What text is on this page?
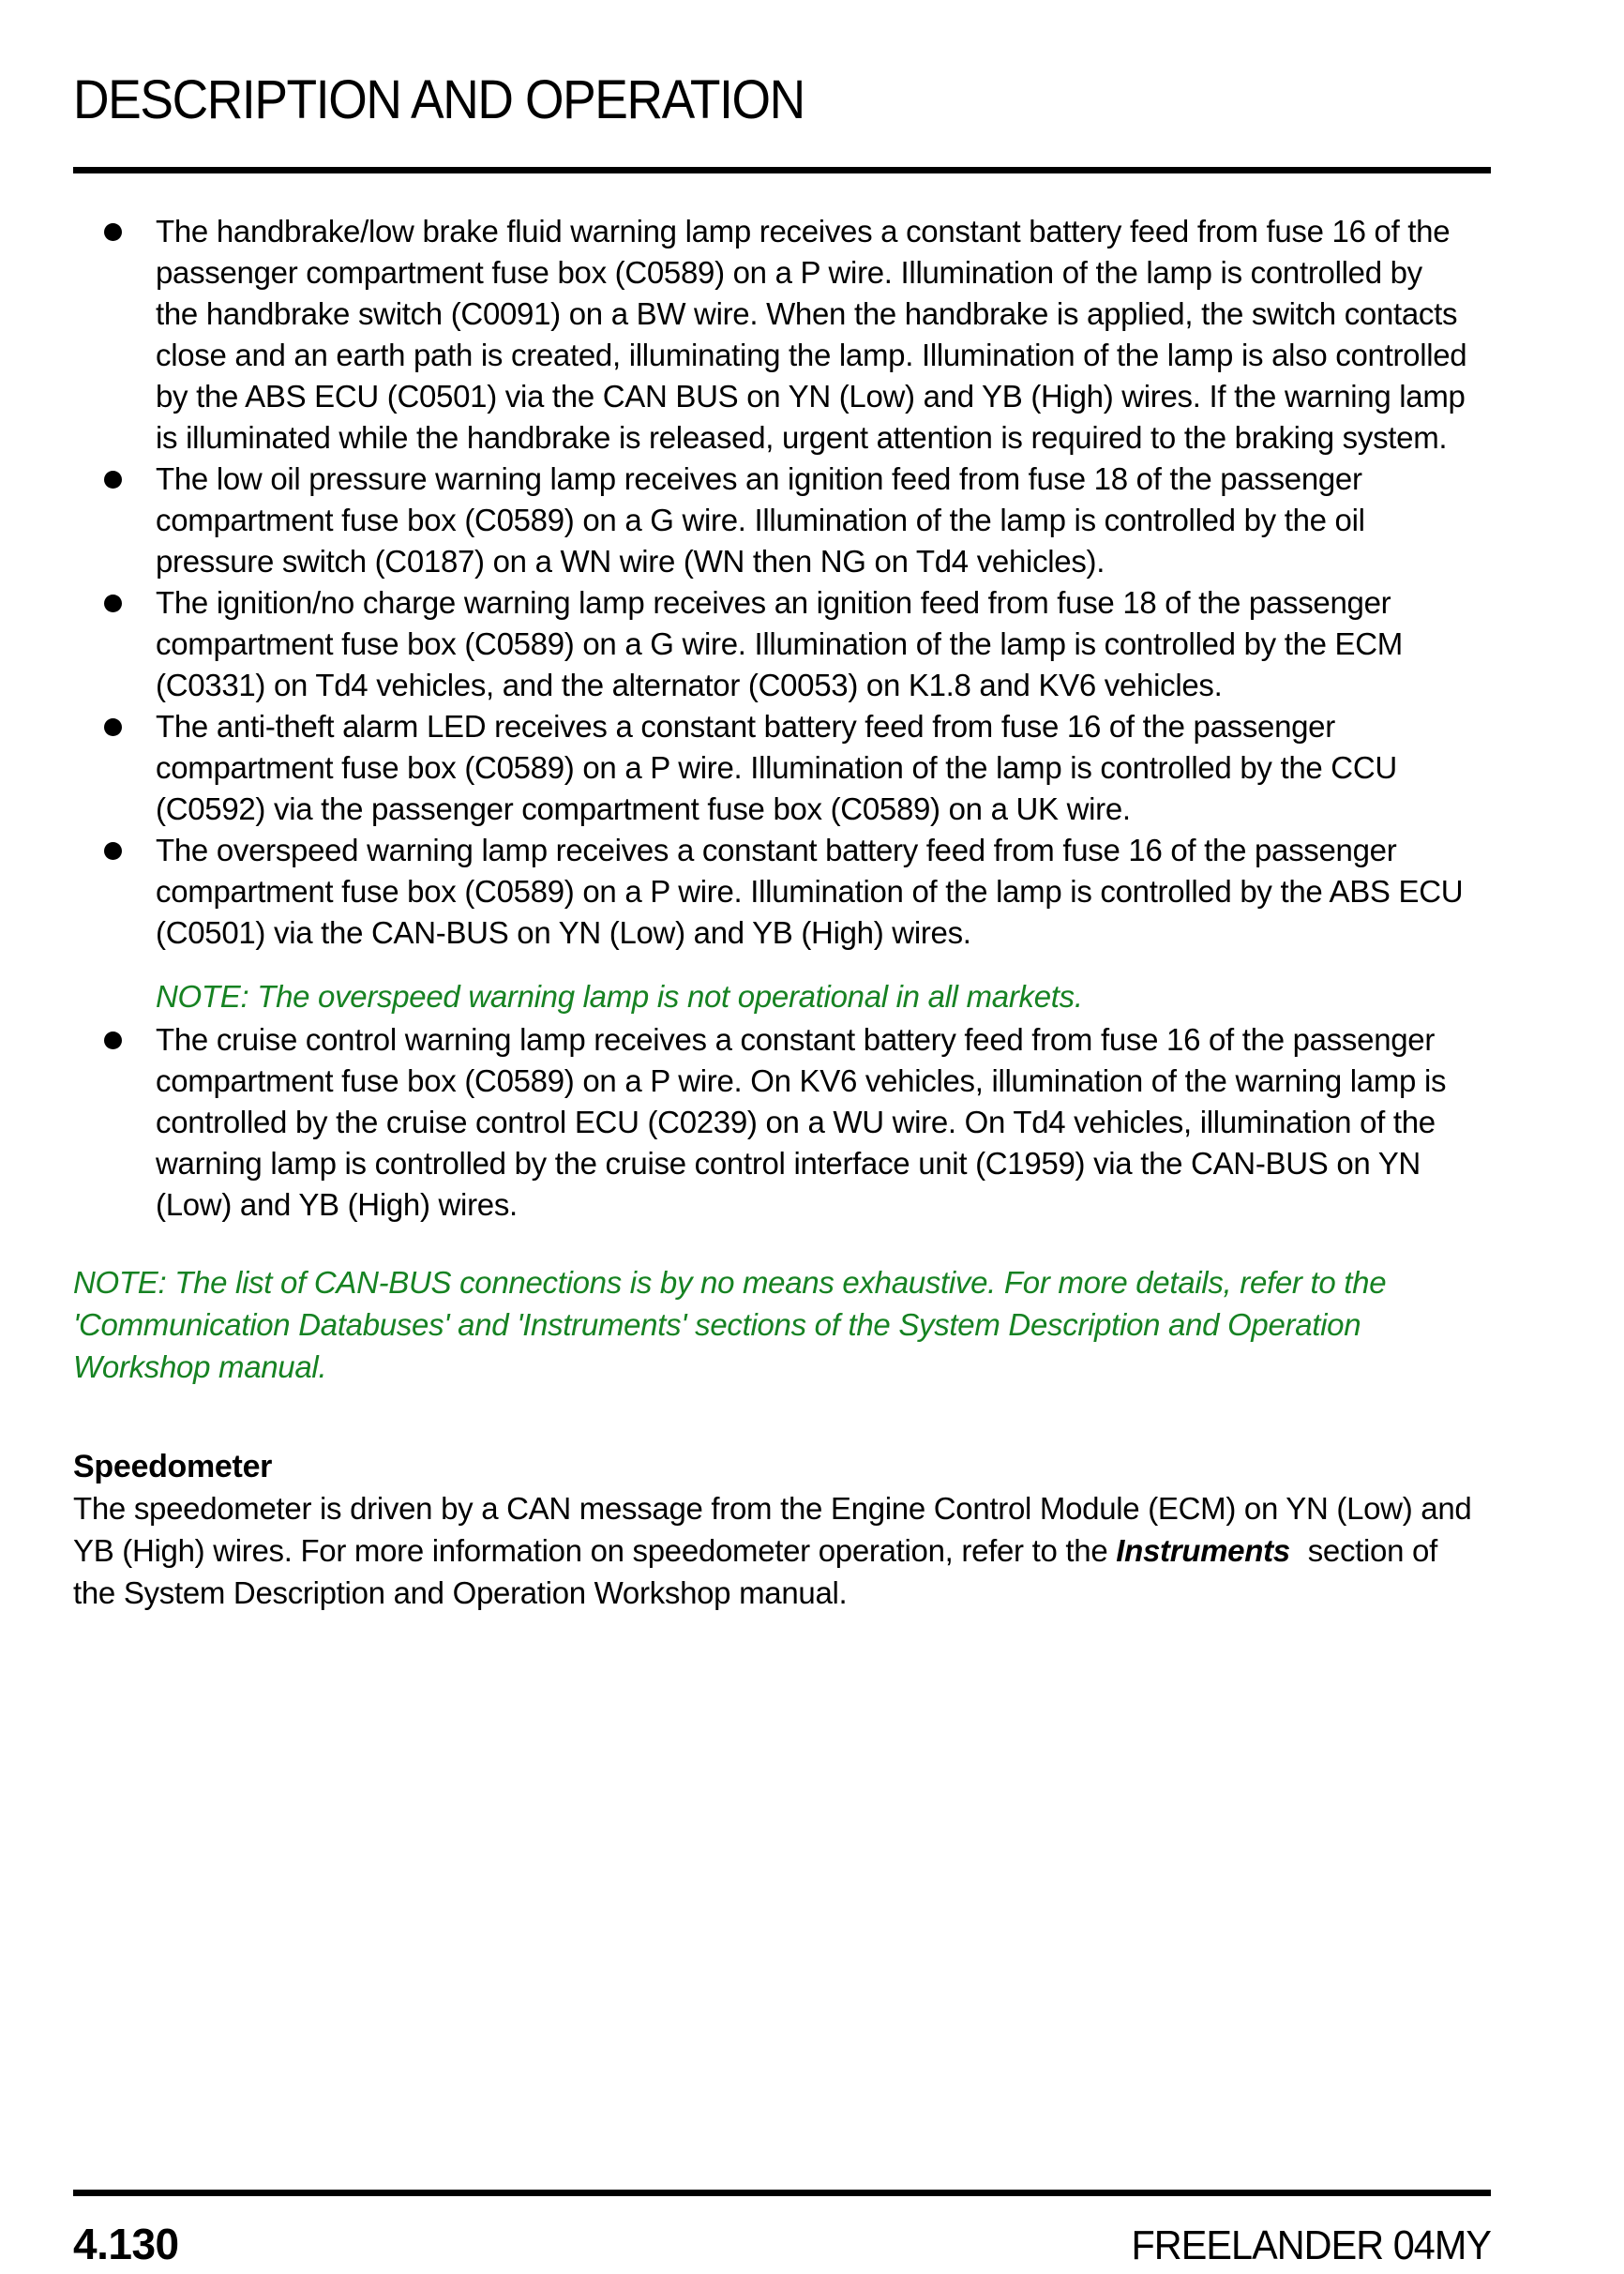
DESCRIPTION AND OPERATION
The handbrake/low brake fluid warning lamp receives a constant battery feed from fuse 16 of the passenger compartment fuse box (C0589) on a P wire. Illumination of the lamp is controlled by the handbrake switch (C0091) on a BW wire. When the handbrake is applied, the switch contacts close and an earth path is created, illuminating the lamp. Illumination of the lamp is also controlled by the ABS ECU (C0501) via the CAN BUS on YN (Low) and YB (High) wires. If the warning lamp is illuminated while the handbrake is released, urgent attention is required to the braking system.
The low oil pressure warning lamp receives an ignition feed from fuse 18 of the passenger compartment fuse box (C0589) on a G wire. Illumination of the lamp is controlled by the oil pressure switch (C0187) on a WN wire (WN then NG on Td4 vehicles).
The ignition/no charge warning lamp receives an ignition feed from fuse 18 of the passenger compartment fuse box (C0589) on a G wire. Illumination of the lamp is controlled by the ECM (C0331) on Td4 vehicles, and the alternator (C0053) on K1.8 and KV6 vehicles.
The anti-theft alarm LED receives a constant battery feed from fuse 16 of the passenger compartment fuse box (C0589) on a P wire. Illumination of the lamp is controlled by the CCU (C0592) via the passenger compartment fuse box (C0589) on a UK wire.
The overspeed warning lamp receives a constant battery feed from fuse 16 of the passenger compartment fuse box (C0589) on a P wire. Illumination of the lamp is controlled by the ABS ECU (C0501) via the CAN-BUS on YN (Low) and YB (High) wires.
NOTE: The overspeed warning lamp is not operational in all markets.
The cruise control warning lamp receives a constant battery feed from fuse 16 of the passenger compartment fuse box (C0589) on a P wire. On KV6 vehicles, illumination of the warning lamp is controlled by the cruise control ECU (C0239) on a WU wire. On Td4 vehicles, illumination of the warning lamp is controlled by the cruise control interface unit (C1959) via the CAN-BUS on YN (Low) and YB (High) wires.
NOTE: The list of CAN-BUS connections is by no means exhaustive. For more details, refer to the 'Communication Databuses' and 'Instruments' sections of the System Description and Operation Workshop manual.
Speedometer

The speedometer is driven by a CAN message from the Engine Control Module (ECM) on YN (Low) and YB (High) wires. For more information on speedometer operation, refer to the Instruments section of the System Description and Operation Workshop manual.

4.130	FREELANDER 04MY
